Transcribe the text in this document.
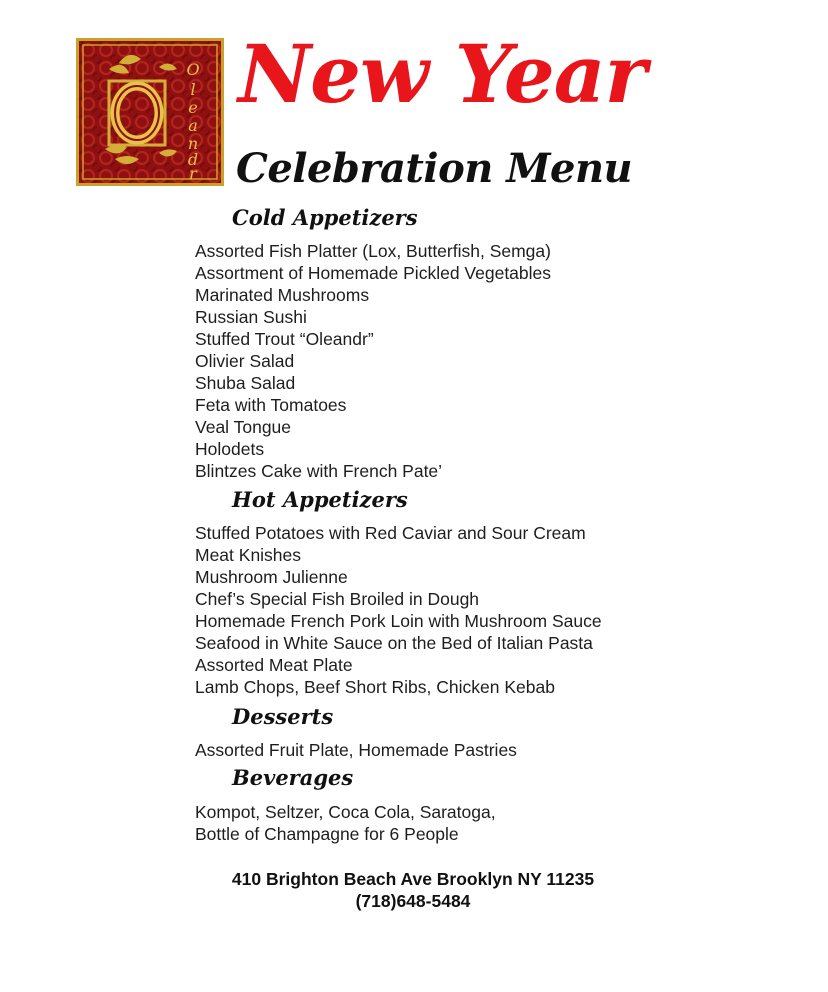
O
l
e
a
n
d
r
New Year
Celebration Menu
Cold Appetizers
Assorted Fish Platter (Lox, Butterfish, Semga)
Assortment of Homemade Pickled Vegetables
Marinated Mushrooms
Russian Sushi
Stuffed Trout “Oleandr”
Olivier Salad
Shuba Salad
Feta with Tomatoes
Veal Tongue
Holodets
Blintzes Cake with French Pate’
Hot Appetizers
Stuffed Potatoes with Red Caviar and Sour Cream
Meat Knishes
Mushroom Julienne
Chef’s Special Fish Broiled in Dough
Homemade French Pork Loin with Mushroom Sauce
Seafood in White Sauce on the Bed of Italian Pasta
Assorted Meat Plate
Lamb Chops, Beef Short Ribs, Chicken Kebab
Desserts
Assorted Fruit Plate, Homemade Pastries
Beverages
Kompot, Seltzer, Coca Cola, Saratoga,
Bottle of Champagne for 6 People
410 Brighton Beach Ave Brooklyn NY 11235
(718)648-5484
